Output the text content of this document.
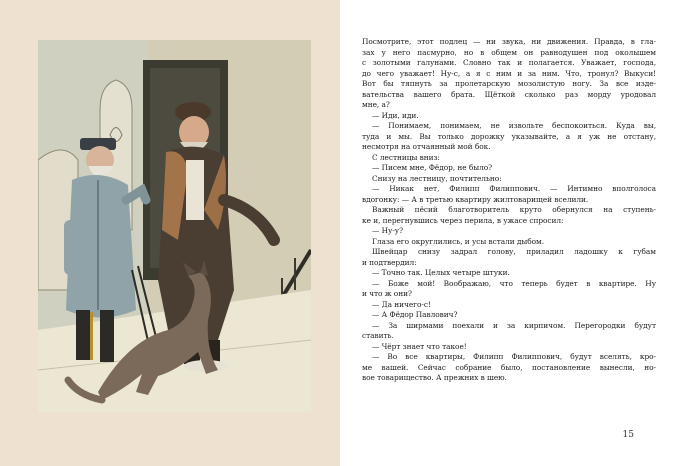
Посмотрите, этот подлец — ни звука, ни движения. Правда, в гла-
зах у него пасмурно, но в общем он равнодушен под околышем
с золотыми галунами. Словно так и полагается. Уважает, господа,
до чего уважает! Ну-с, а я с ним и за ним. Что, тронул? Выкуси!
Вот бы тяпнуть за пролетарскую мозолистую ногу. За все изде-
вательства вашего брата. Щёткой сколько раз морду уродовал
мне, а?
— Иди, иди.
— Понимаем, понимаем, не извольте беспокоиться. Куда вы,
туда и мы. Вы только дорожку указывайте, а я уж не отстану,
несмотря на отчаянный мой бок.
С лестницы вниз:
— Писем мне, Фёдор, не было?
Снизу на лестницу, почтительно:
— Никак нет, Филипп Филиппович. — Интимно вполголоса
вдогонку: — А в третью квартиру жилтоварищей вселили.
Важный пёсий благотворитель круто обернулся на ступень-
ке и, перегнувшись через перила, в ужасе спросил:
— Ну-у?
Глаза его округлились, и усы встали дыбом.
Швейцар снизу задрал голову, приладил ладошку к губам
и подтвердил:
— Точно так. Целых четыре штуки.
— Боже мой! Воображаю, что теперь будет в квартире. Ну
и что ж они?
— Да ничего-с!
— А Фёдор Павлович?
— За ширмами поехали и за кирпичом. Перегородки будут
ставить.
— Чёрт знает что такое!
— Во все квартиры, Филипп Филиппович, будут вселять, кро-
ме вашей. Сейчас собрание было, постановление вынесли, но-
вое товарищество. А прежних в шею.
15
